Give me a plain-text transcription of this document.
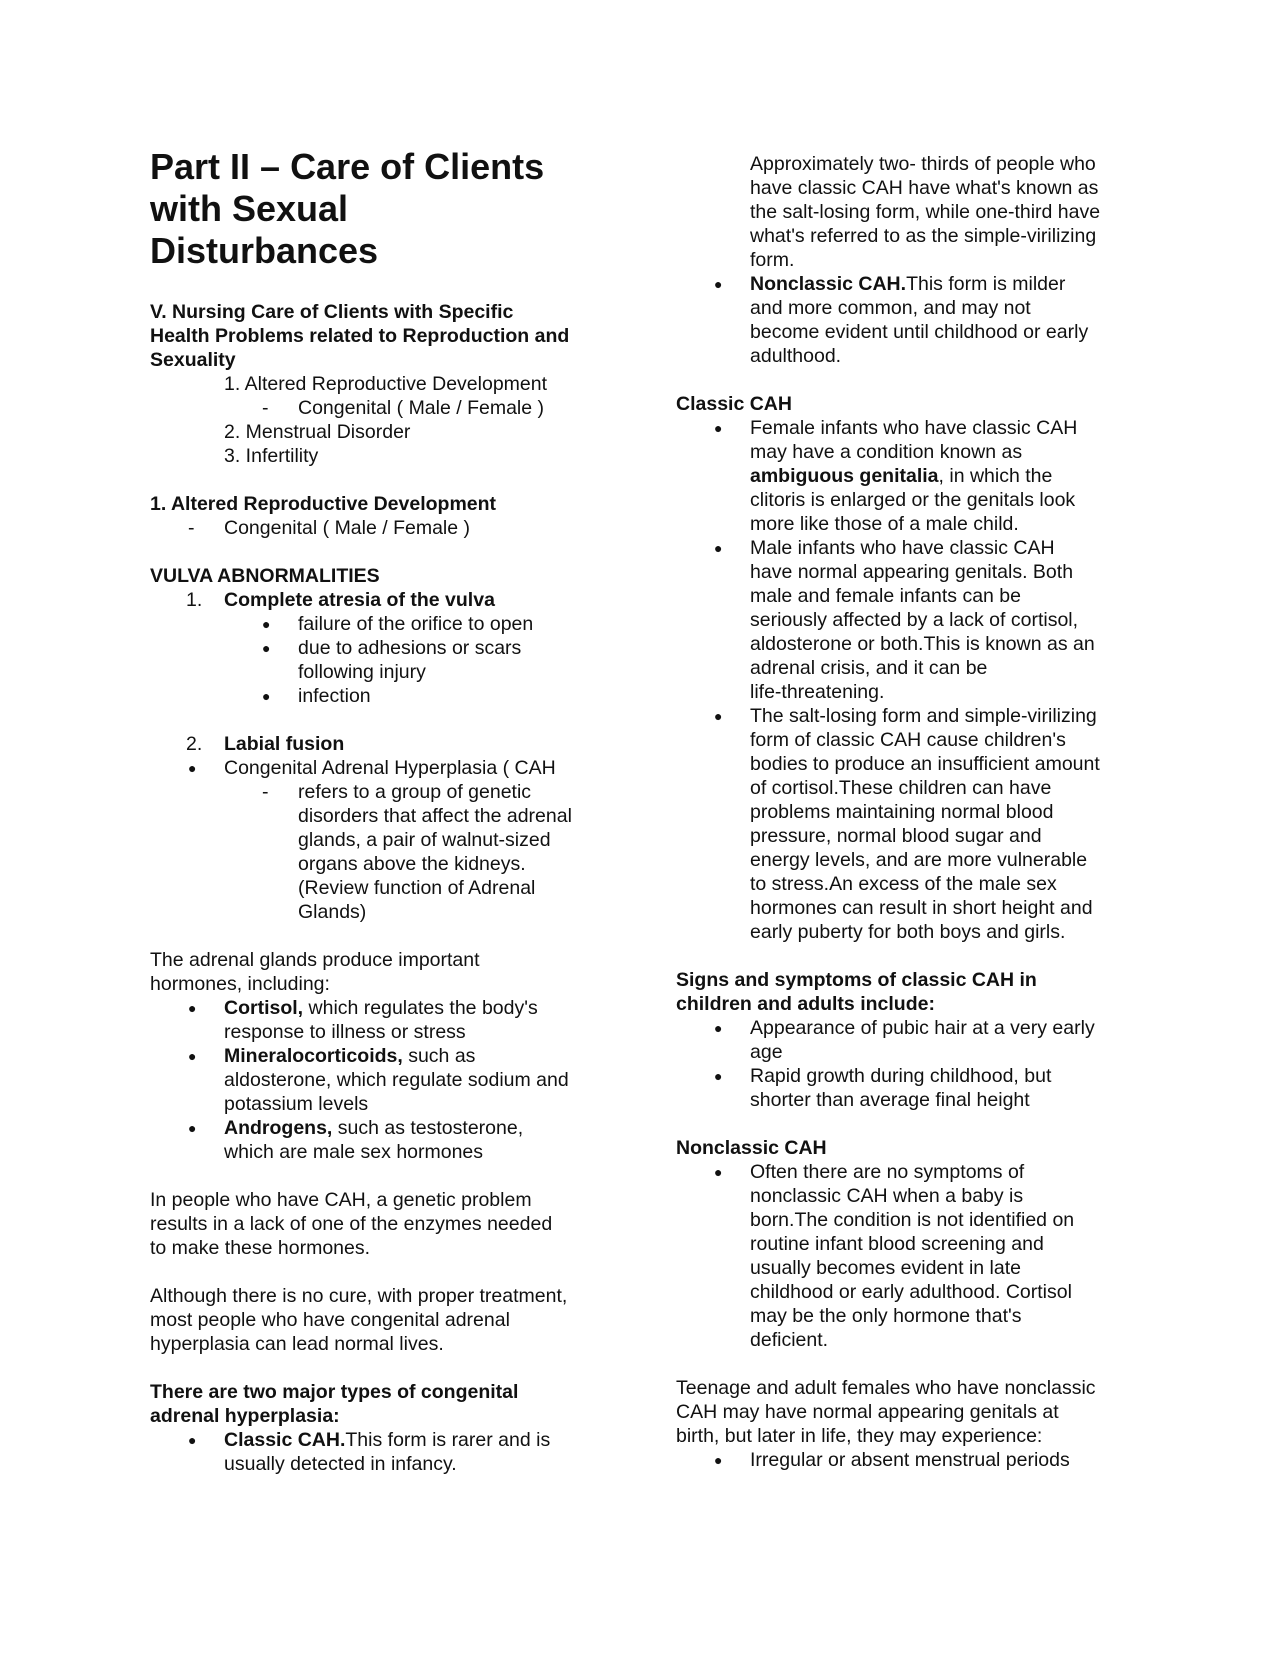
Part II – Care of Clients
with Sexual
Disturbances
V. Nursing Care of Clients with Specific
Health Problems related to Reproduction and
Sexuality
1. Altered Reproductive Development
- Congenital ( Male / Female )
2. Menstrual Disorder
3. Infertility
1. Altered Reproductive Development
- Congenital ( Male / Female )
VULVA ABNORMALITIES
1. Complete atresia of the vulva
● failure of the orifice to open
● due to adhesions or scars
following injury
● infection
2. Labial fusion
● Congenital Adrenal Hyperplasia ( CAH
- refers to a group of genetic
disorders that affect the adrenal
glands, a pair of walnut-sized
organs above the kidneys.
(Review function of Adrenal
Glands)
The adrenal glands produce important
hormones, including:
● Cortisol, which regulates the body's
response to illness or stress
● Mineralocorticoids, such as
aldosterone, which regulate sodium and
potassium levels
● Androgens, such as testosterone,
which are male sex hormones
In people who have CAH, a genetic problem
results in a lack of one of the enzymes needed
to make these hormones.
Although there is no cure, with proper treatment,
most people who have congenital adrenal
hyperplasia can lead normal lives.
There are two major types of congenital
adrenal hyperplasia:
● Classic CAH.This form is rarer and is
usually detected in infancy.
Approximately two- thirds of people who
have classic CAH have what's known as
the salt-losing form, while one-third have
what's referred to as the simple-virilizing
form.
● Nonclassic CAH.This form is milder
and more common, and may not
become evident until childhood or early
adulthood.
Classic CAH
● Female infants who have classic CAH
may have a condition known as
ambiguous genitalia, in which the
clitoris is enlarged or the genitals look
more like those of a male child.
● Male infants who have classic CAH
have normal appearing genitals. Both
male and female infants can be
seriously affected by a lack of cortisol,
aldosterone or both.This is known as an
adrenal crisis, and it can be
life-threatening.
● The salt-losing form and simple-virilizing
form of classic CAH cause children's
bodies to produce an insufficient amount
of cortisol.These children can have
problems maintaining normal blood
pressure, normal blood sugar and
energy levels, and are more vulnerable
to stress.An excess of the male sex
hormones can result in short height and
early puberty for both boys and girls.
Signs and symptoms of classic CAH in
children and adults include:
● Appearance of pubic hair at a very early
age
● Rapid growth during childhood, but
shorter than average final height
Nonclassic CAH
● Often there are no symptoms of
nonclassic CAH when a baby is
born.The condition is not identified on
routine infant blood screening and
usually becomes evident in late
childhood or early adulthood. Cortisol
may be the only hormone that's
deficient.
Teenage and adult females who have nonclassic
CAH may have normal appearing genitals at
birth, but later in life, they may experience:
● Irregular or absent menstrual periods
